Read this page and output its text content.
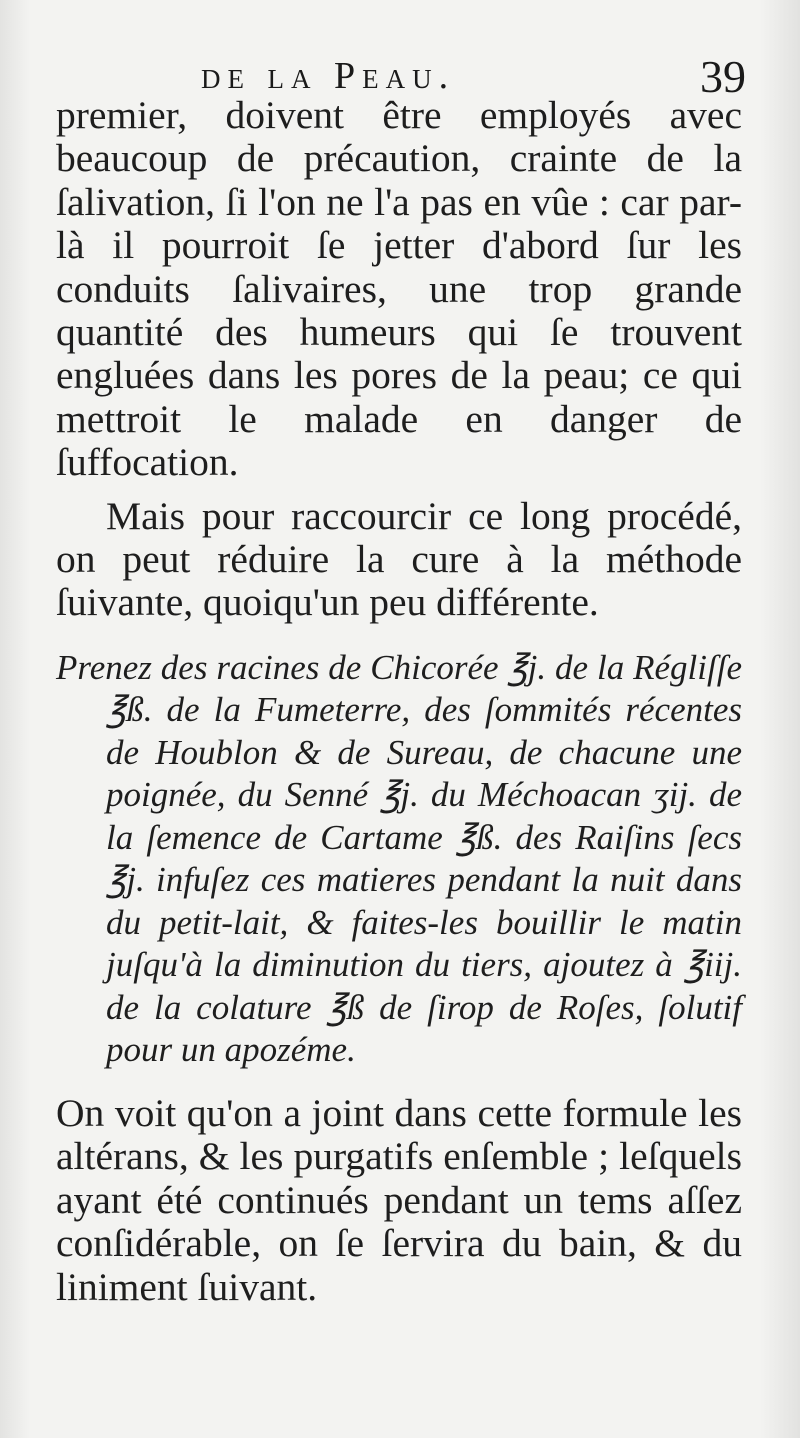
de la Peau.	39

premier, doivent être employés avec beaucoup de précaution, crainte de la ſalivation, ſi l'on ne l'a pas en vûe : car par-là il pourroit ſe jetter d'abord ſur les conduits ſalivaires, une trop grande quantité des humeurs qui ſe trouvent engluées dans les pores de la peau; ce qui mettroit le malade en danger de ſuffocation.

Mais pour raccourcir ce long procédé, on peut réduire la cure à la méthode ſuivante, quoiqu'un peu différente.

Prenez des racines de Chicorée ℥j. de la Régliſſe ℥ß. de la Fumeterre, des ſommités récentes de Houblon & de Sureau, de chacune une poignée, du Senné ℥j. du Méchoacan ʒij. de la ſemence de Cartame ℥ß. des Raiſins ſecs ℥j. infuſez ces matieres pendant la nuit dans du petit-lait, & faites-les bouillir le matin juſqu'à la diminution du tiers, ajoutez à ℥iij. de la colature ℥ß de ſirop de Roſes, ſolutif pour un apozéme.

On voit qu'on a joint dans cette formule les altérans, & les purgatifs enſemble ; leſquels ayant été continués pendant un tems aſſez conſidérable, on ſe ſervira du bain, & du liniment ſuivant.
